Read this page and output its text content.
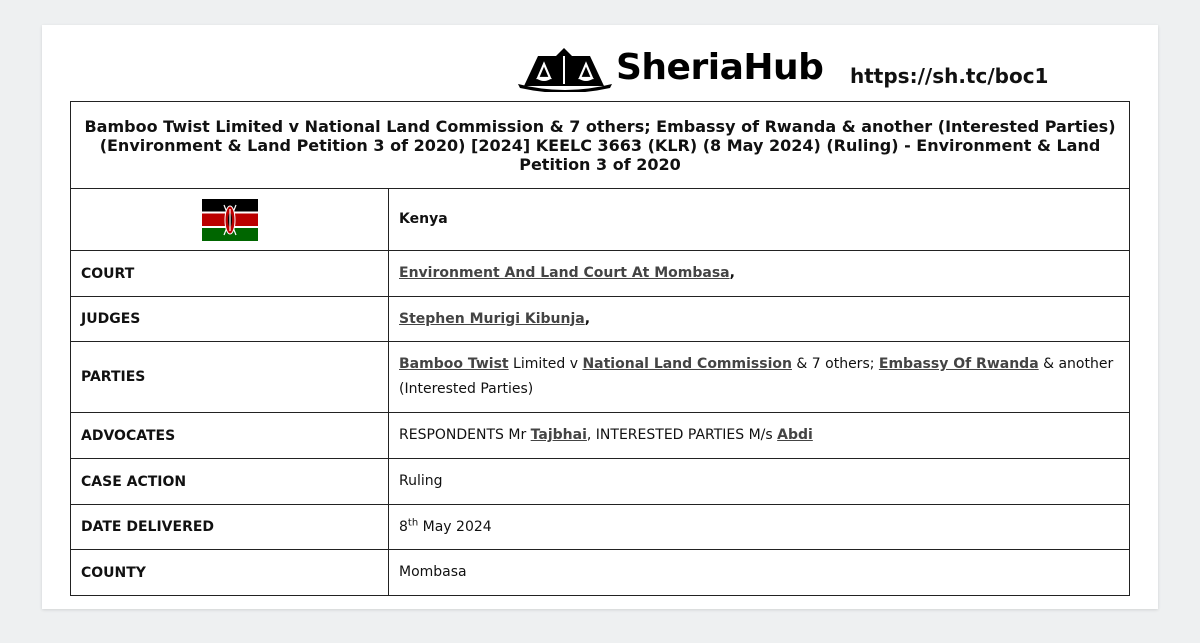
SheriaHub https://sh.tc/boc1
Bamboo Twist Limited v National Land Commission & 7 others; Embassy of Rwanda & another (Interested Parties) (Environment & Land Petition 3 of 2020) [2024] KEELC 3663 (KLR) (8 May 2024) (Ruling) - Environment & Land Petition 3 of 2020	
	Kenya
COURT	Environment And Land Court At Mombasa,
JUDGES	Stephen Murigi Kibunja,
PARTIES	Bamboo Twist Limited v National Land Commission & 7 others; Embassy Of Rwanda & another (Interested Parties)
ADVOCATES	RESPONDENTS Mr Tajbhai, INTERESTED PARTIES M/s Abdi
CASE ACTION	Ruling
DATE DELIVERED	8th May 2024
COUNTY	Mombasa
